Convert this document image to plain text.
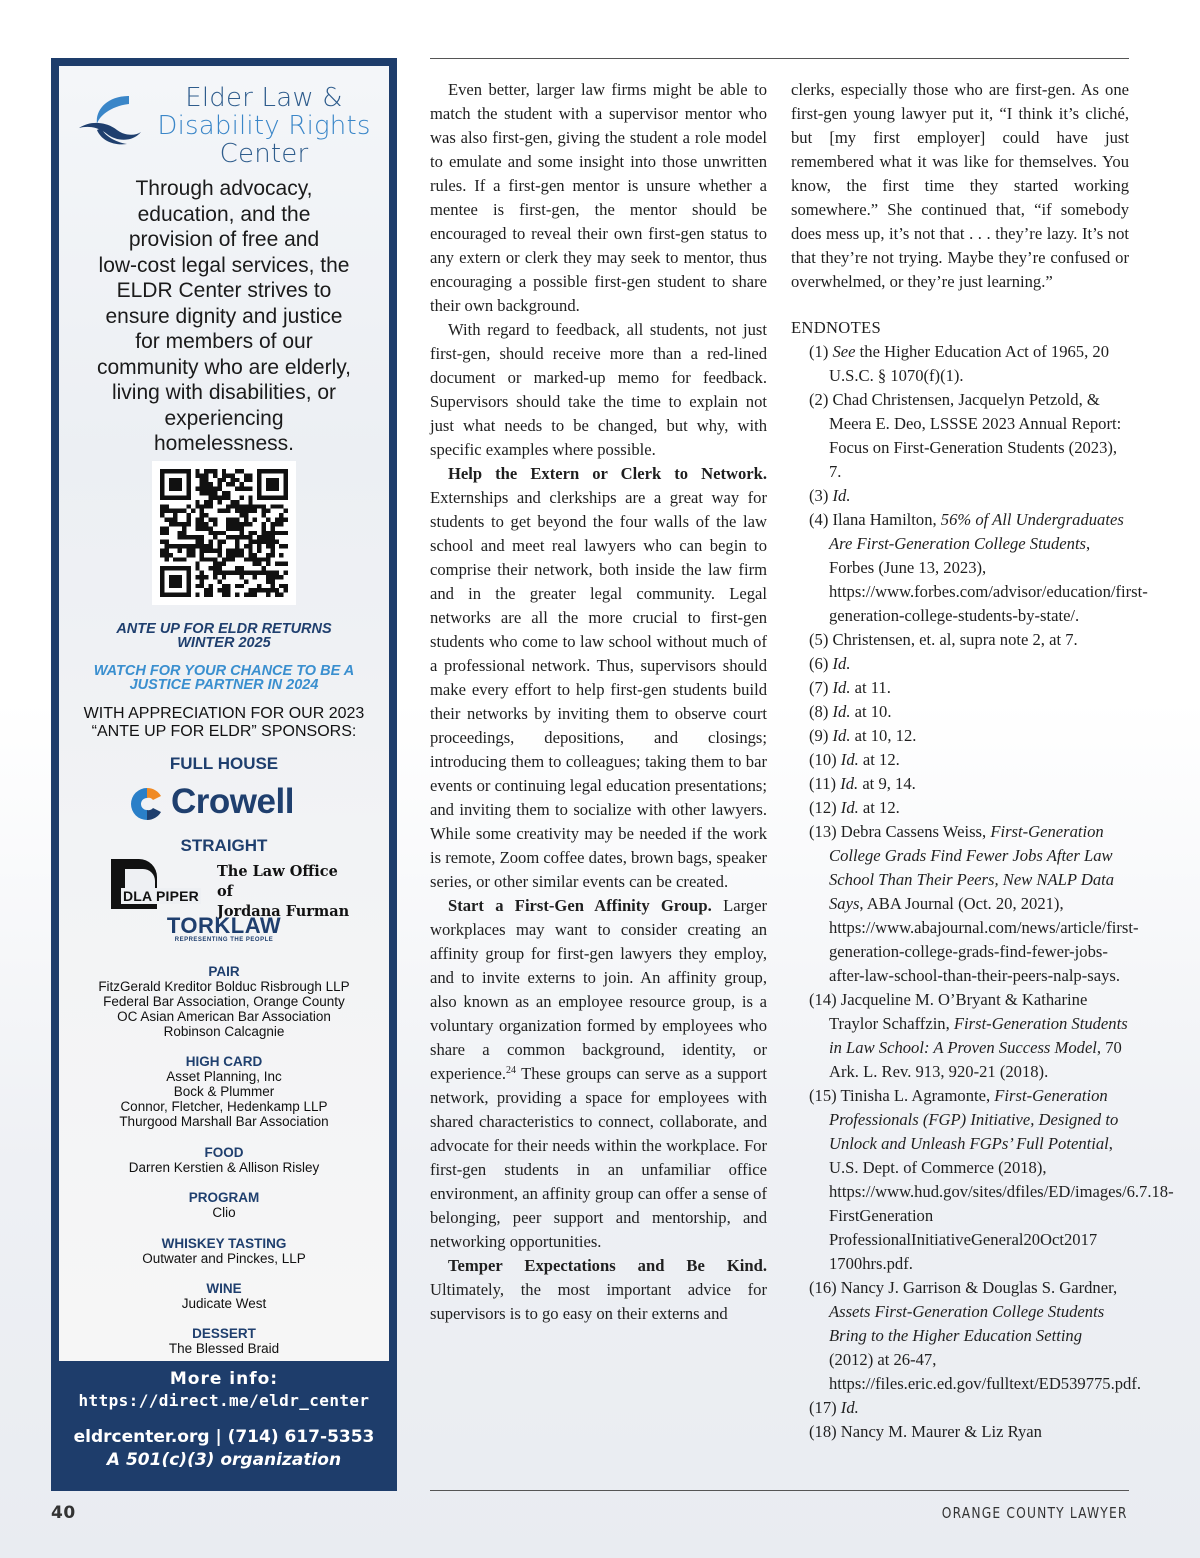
Elder Law &
Disability Rights
Center
Through advocacy,
education, and the
provision of free and
low-cost legal services, the
ELDR Center strives to
ensure dignity and justice
for members of our
community who are elderly,
living with disabilities, or
experiencing
homelessness.
ANTE UP FOR ELDR RETURNS
WINTER 2025
WATCH FOR YOUR CHANCE TO BE A
JUSTICE PARTNER IN 2024
WITH APPRECIATION FOR OUR 2023
“ANTE UP FOR ELDR” SPONSORS:
FULL HOUSE
Crowell
STRAIGHT
DLA PIPER
The Law Office of
Jordana Furman
TORKLAW
REPRESENTING THE PEOPLE
PAIR
FitzGerald Kreditor Bolduc Risbrough LLP
Federal Bar Association, Orange County
OC Asian American Bar Association
Robinson Calcagnie
HIGH CARD
Asset Planning, Inc
Bock & Plummer
Connor, Fletcher, Hedenkamp LLP
Thurgood Marshall Bar Association
FOOD
Darren Kerstien & Allison Risley
PROGRAM
Clio
WHISKEY TASTING
Outwater and Pinckes, LLP
WINE
Judicate West
DESSERT
The Blessed Braid
More info:
https://direct.me/eldr_center
eldrcenter.org | (714) 617-5353
A 501(c)(3) organization

Even better, larger law firms might be able to match the student with a supervisor mentor who was also first-gen, giving the student a role model to emulate and some insight into those unwritten rules. If a first-gen mentor is unsure whether a mentee is first-gen, the mentor should be encouraged to reveal their own first-gen status to any extern or clerk they may seek to mentor, thus encouraging a possible first-gen student to share their own background.

With regard to feedback, all students, not just first-gen, should receive more than a red-lined document or marked-up memo for feedback. Supervisors should take the time to explain not just what needs to be changed, but why, with specific examples where possible.

Help the Extern or Clerk to Network. Externships and clerkships are a great way for students to get beyond the four walls of the law school and meet real lawyers who can begin to comprise their network, both inside the law firm and in the greater legal community. Legal networks are all the more crucial to first-gen students who come to law school without much of a professional network. Thus, supervisors should make every effort to help first-gen students build their networks by inviting them to observe court proceedings, depositions, and closings; introducing them to colleagues; taking them to bar events or continuing legal education presentations; and inviting them to socialize with other lawyers. While some creativity may be needed if the work is remote, Zoom coffee dates, brown bags, speaker series, or other similar events can be created.

Start a First-Gen Affinity Group. Larger workplaces may want to consider creating an affinity group for first-gen lawyers they employ, and to invite externs to join. An affinity group, also known as an employee resource group, is a voluntary organization formed by employees who share a common background, identity, or experience.$^{24}$ These groups can serve as a support network, providing a space for employees with shared characteristics to connect, collaborate, and advocate for their needs within the workplace. For first-gen students in an unfamiliar office environment, an affinity group can offer a sense of belonging, peer support and mentorship, and networking opportunities.

Temper Expectations and Be Kind. Ultimately, the most important advice for supervisors is to go easy on their externs and

clerks, especially those who are first-gen. As one first-gen young lawyer put it, “I think it’s cliché, but [my first employer] could have just remembered what it was like for themselves. You know, the first time they started working somewhere.” She continued that, “if somebody does mess up, it’s not that . . . they’re lazy. It’s not that they’re not trying. Maybe they’re confused or overwhelmed, or they’re just learning.”

ENDNOTES
(1) See the Higher Education Act of 1965, 20 U.S.C. § 1070(f)(1).
(2) Chad Christensen, Jacquelyn Petzold, & Meera E. Deo, LSSSE 2023 Annual Report: Focus on First-Generation Students (2023), 7.
(3) Id.
(4) Ilana Hamilton, 56% of All Undergraduates Are First-Generation College Students, Forbes (June 13, 2023), https://www.forbes.com/advisor/education/first-generation-college-students-by-state/.
(5) Christensen, et. al, supra note 2, at 7.
(6) Id.
(7) Id. at 11.
(8) Id. at 10.
(9) Id. at 10, 12.
(10) Id. at 12.
(11) Id. at 9, 14.
(12) Id. at 12.
(13) Debra Cassens Weiss, First-Generation College Grads Find Fewer Jobs After Law School Than Their Peers, New NALP Data Says, ABA Journal (Oct. 20, 2021), https://www.abajournal.com/news/article/first-generation-college-grads-find-fewer-jobs-after-law-school-than-their-peers-nalp-says.
(14) Jacqueline M. O’Bryant & Katharine Traylor Schaffzin, First-Generation Students in Law School: A Proven Success Model, 70 Ark. L. Rev. 913, 920-21 (2018).
(15) Tinisha L. Agramonte, First-Generation Professionals (FGP) Initiative, Designed to Unlock and Unleash FGPs’ Full Potential, U.S. Dept. of Commerce (2018), https://www.hud.gov/sites/dfiles/ED/images/6.7.18-FirstGeneration ProfessionalInitiativeGeneral20Oct2017 1700hrs.pdf.
(16) Nancy J. Garrison & Douglas S. Gardner, Assets First-Generation College Students Bring to the Higher Education Setting (2012) at 26-47, https://files.eric.ed.gov/fulltext/ED539775.pdf.
(17) Id.
(18) Nancy M. Maurer & Liz Ryan
40	ORANGE COUNTY LAWYER
